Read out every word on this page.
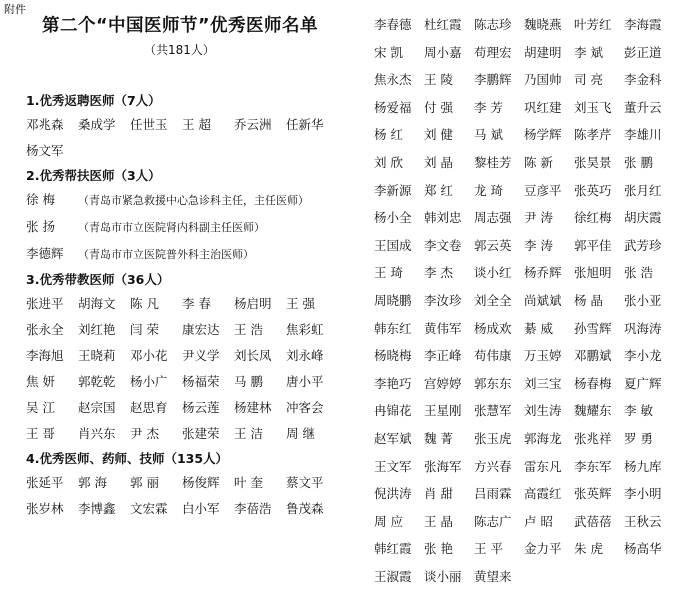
附件
第二个“中国医师节”优秀医师名单
（共181人）
1.优秀返聘医师（7人）
邓兆森 桑成学 任世玉 王 超 乔云洲 任新华
杨文军
2.优秀帮扶医师（3人）
徐 梅 （青岛市紧急救援中心急诊科主任，主任医师）
张 扬 （青岛市市立医院肾内科副主任医师）
李德辉 （青岛市市立医院普外科主治医师）
3.优秀带教医师（36人）
张进平 胡海文 陈 凡 李 春 杨启明 王 强
张永全 刘红艳 闫 荣 康宏达 王 浩 焦彩虹
李海旭 王晓莉 邓小花 尹义学 刘长凤 刘永峰
焦 妍 郭乾乾 杨小广 杨福荣 马 鹏 唐小平
吴 江 赵宗国 赵思育 杨云莲 杨建林 冲客会
王 哥 肖兴东 尹 杰 张建荣 王 洁 周 继
4.优秀医师、药师、技师（135人）
张延平 郭 海 郭 丽 杨俊辉 叶 奎 蔡文平
张岁林 李博鑫 文宏霖 白小军 李蓓浩 鲁茂森
李春德 杜红霞 陈志珍 魏晓燕 叶芳红 李海霞
宋 凯 周小嘉 苟理宏 胡建明 李 斌 彭正道
焦永杰 王 陵 李鹏辉 乃国帅 司 亮 李金科
杨爱福 付 强 李 芳 巩红建 刘玉飞 董升云
杨 红 刘 健 马 斌 杨学辉 陈孝芹 李雄川
刘 欣 刘 晶 黎桂芳 陈 新 张昊景 张 鹏
李新源 郑 红 龙 琦 豆彦平 张英巧 张月红
杨小全 韩刘忠 周志强 尹 涛 徐红梅 胡庆霞
王国成 李文卷 郭云英 李 涛 郭平佳 武芳珍
王 琦 李 杰 谈小红 杨乔辉 张旭明 张 浩
周晓鹏 李汝珍 刘全全 尚斌斌 杨 晶 张小亚
韩东红 黄伟军 杨成欢 綦 威 孙雪辉 巩海涛
杨晓梅 李正峰 苟伟康 万玉婷 邓鹏斌 李小龙
李艳巧 宫婷婷 郭东东 刘三宝 杨春梅 夏广辉
冉锦花 王星刚 张慧军 刘生涛 魏耀东 李 敏
赵军斌 魏 菁 张玉虎 郭海龙 张兆祥 罗 勇
王文军 张海军 方兴春 雷东凡 李东军 杨九库
倪洪涛 肖 甜 吕雨霖 高霞红 张英辉 李小明
周 应 王 晶 陈志广 卢 昭 武蓓蓓 王秋云
韩红霞 张 艳 王 平 金力平 朱 虎 杨高华
王淑霞 谈小丽 黄望来
